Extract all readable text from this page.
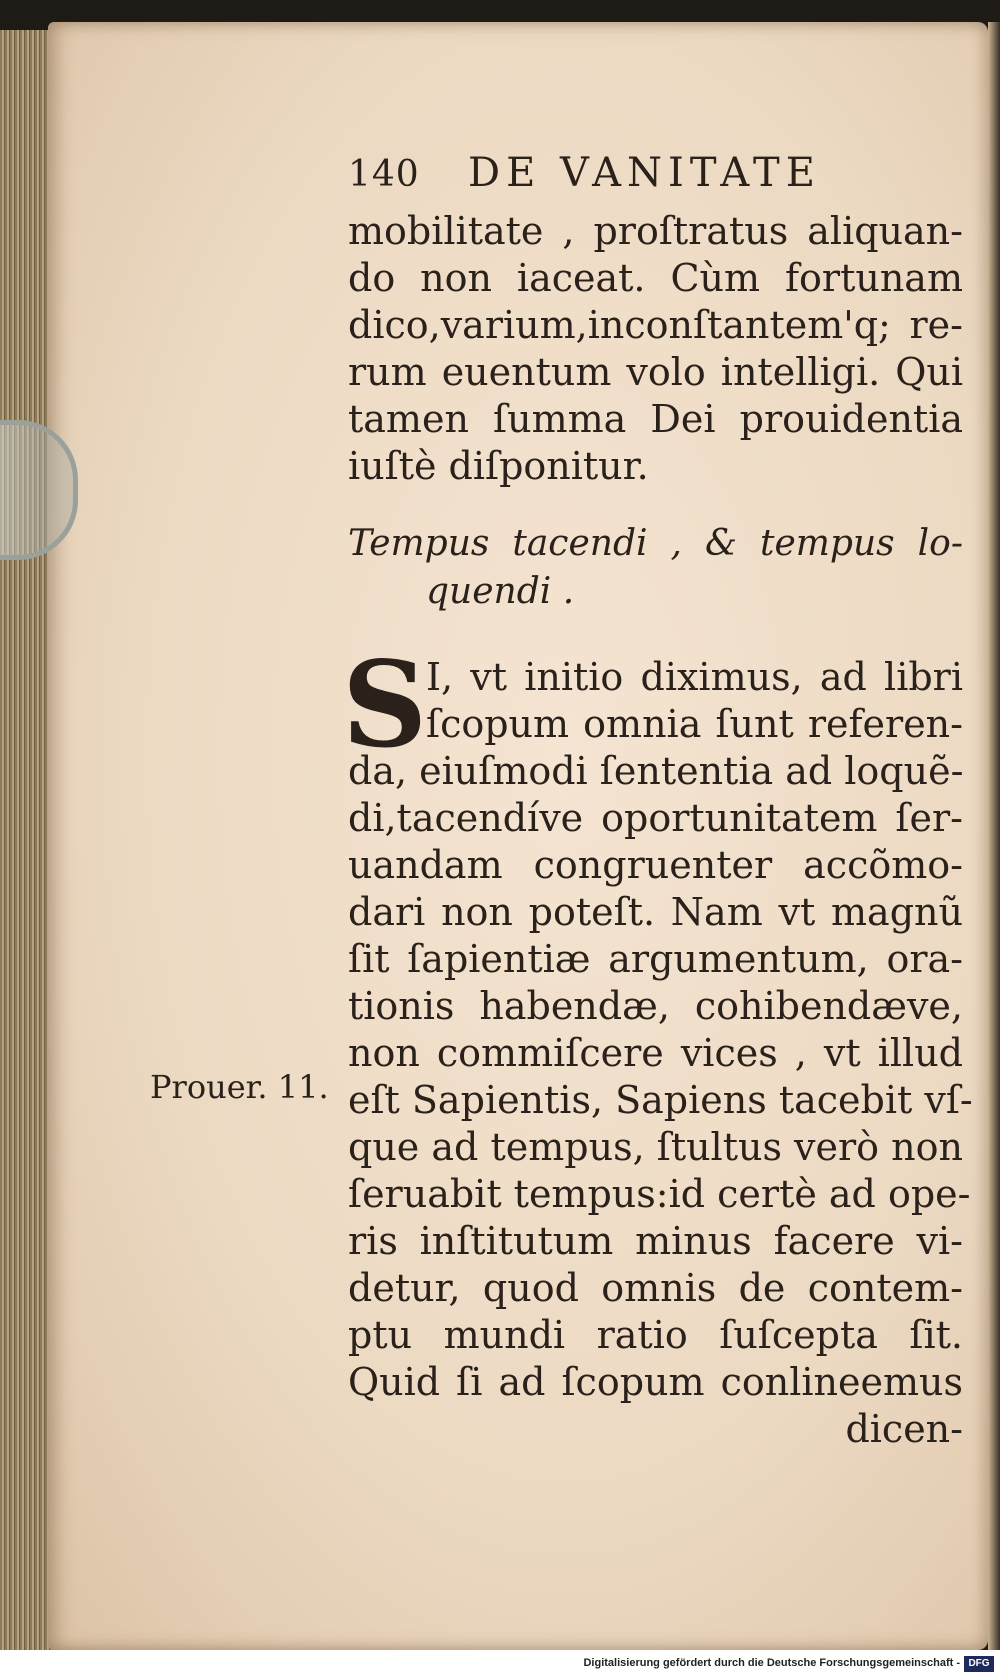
140	DE VANITATE
mobilitate , proſtratus aliquan-
do non iaceat. Cùm fortunam
dico,varium,inconſtantem'q; re-
rum euentum volo intelligi. Qui
tamen ſumma Dei prouidentia
iuſtè diſponitur.
Tempus tacendi , & tempus lo-
quendi .
S
I, vt initio diximus, ad libri
ſcopum omnia ſunt referen-
da, eiuſmodi ſententia ad loquẽ-
di,tacendíve oportunitatem ſer-
uandam congruenter accõmo-
dari non poteſt. Nam vt magnũ
ſit ſapientiæ argumentum, ora-
tionis habendæ, cohibendæve,
non commiſcere vices , vt illud
eſt Sapientis, Sapiens tacebit vſ-
que ad tempus, ſtultus verò non
ſeruabit tempus:id certè ad ope-
ris inſtitutum minus facere vi-
detur, quod omnis de contem-
ptu mundi ratio ſuſcepta ſit.
Quid ſi ad ſcopum conlineemus
dicen-
Prouer. 11.
Digitalisierung gefördert durch die Deutsche Forschungsgemeinschaft - DFG
